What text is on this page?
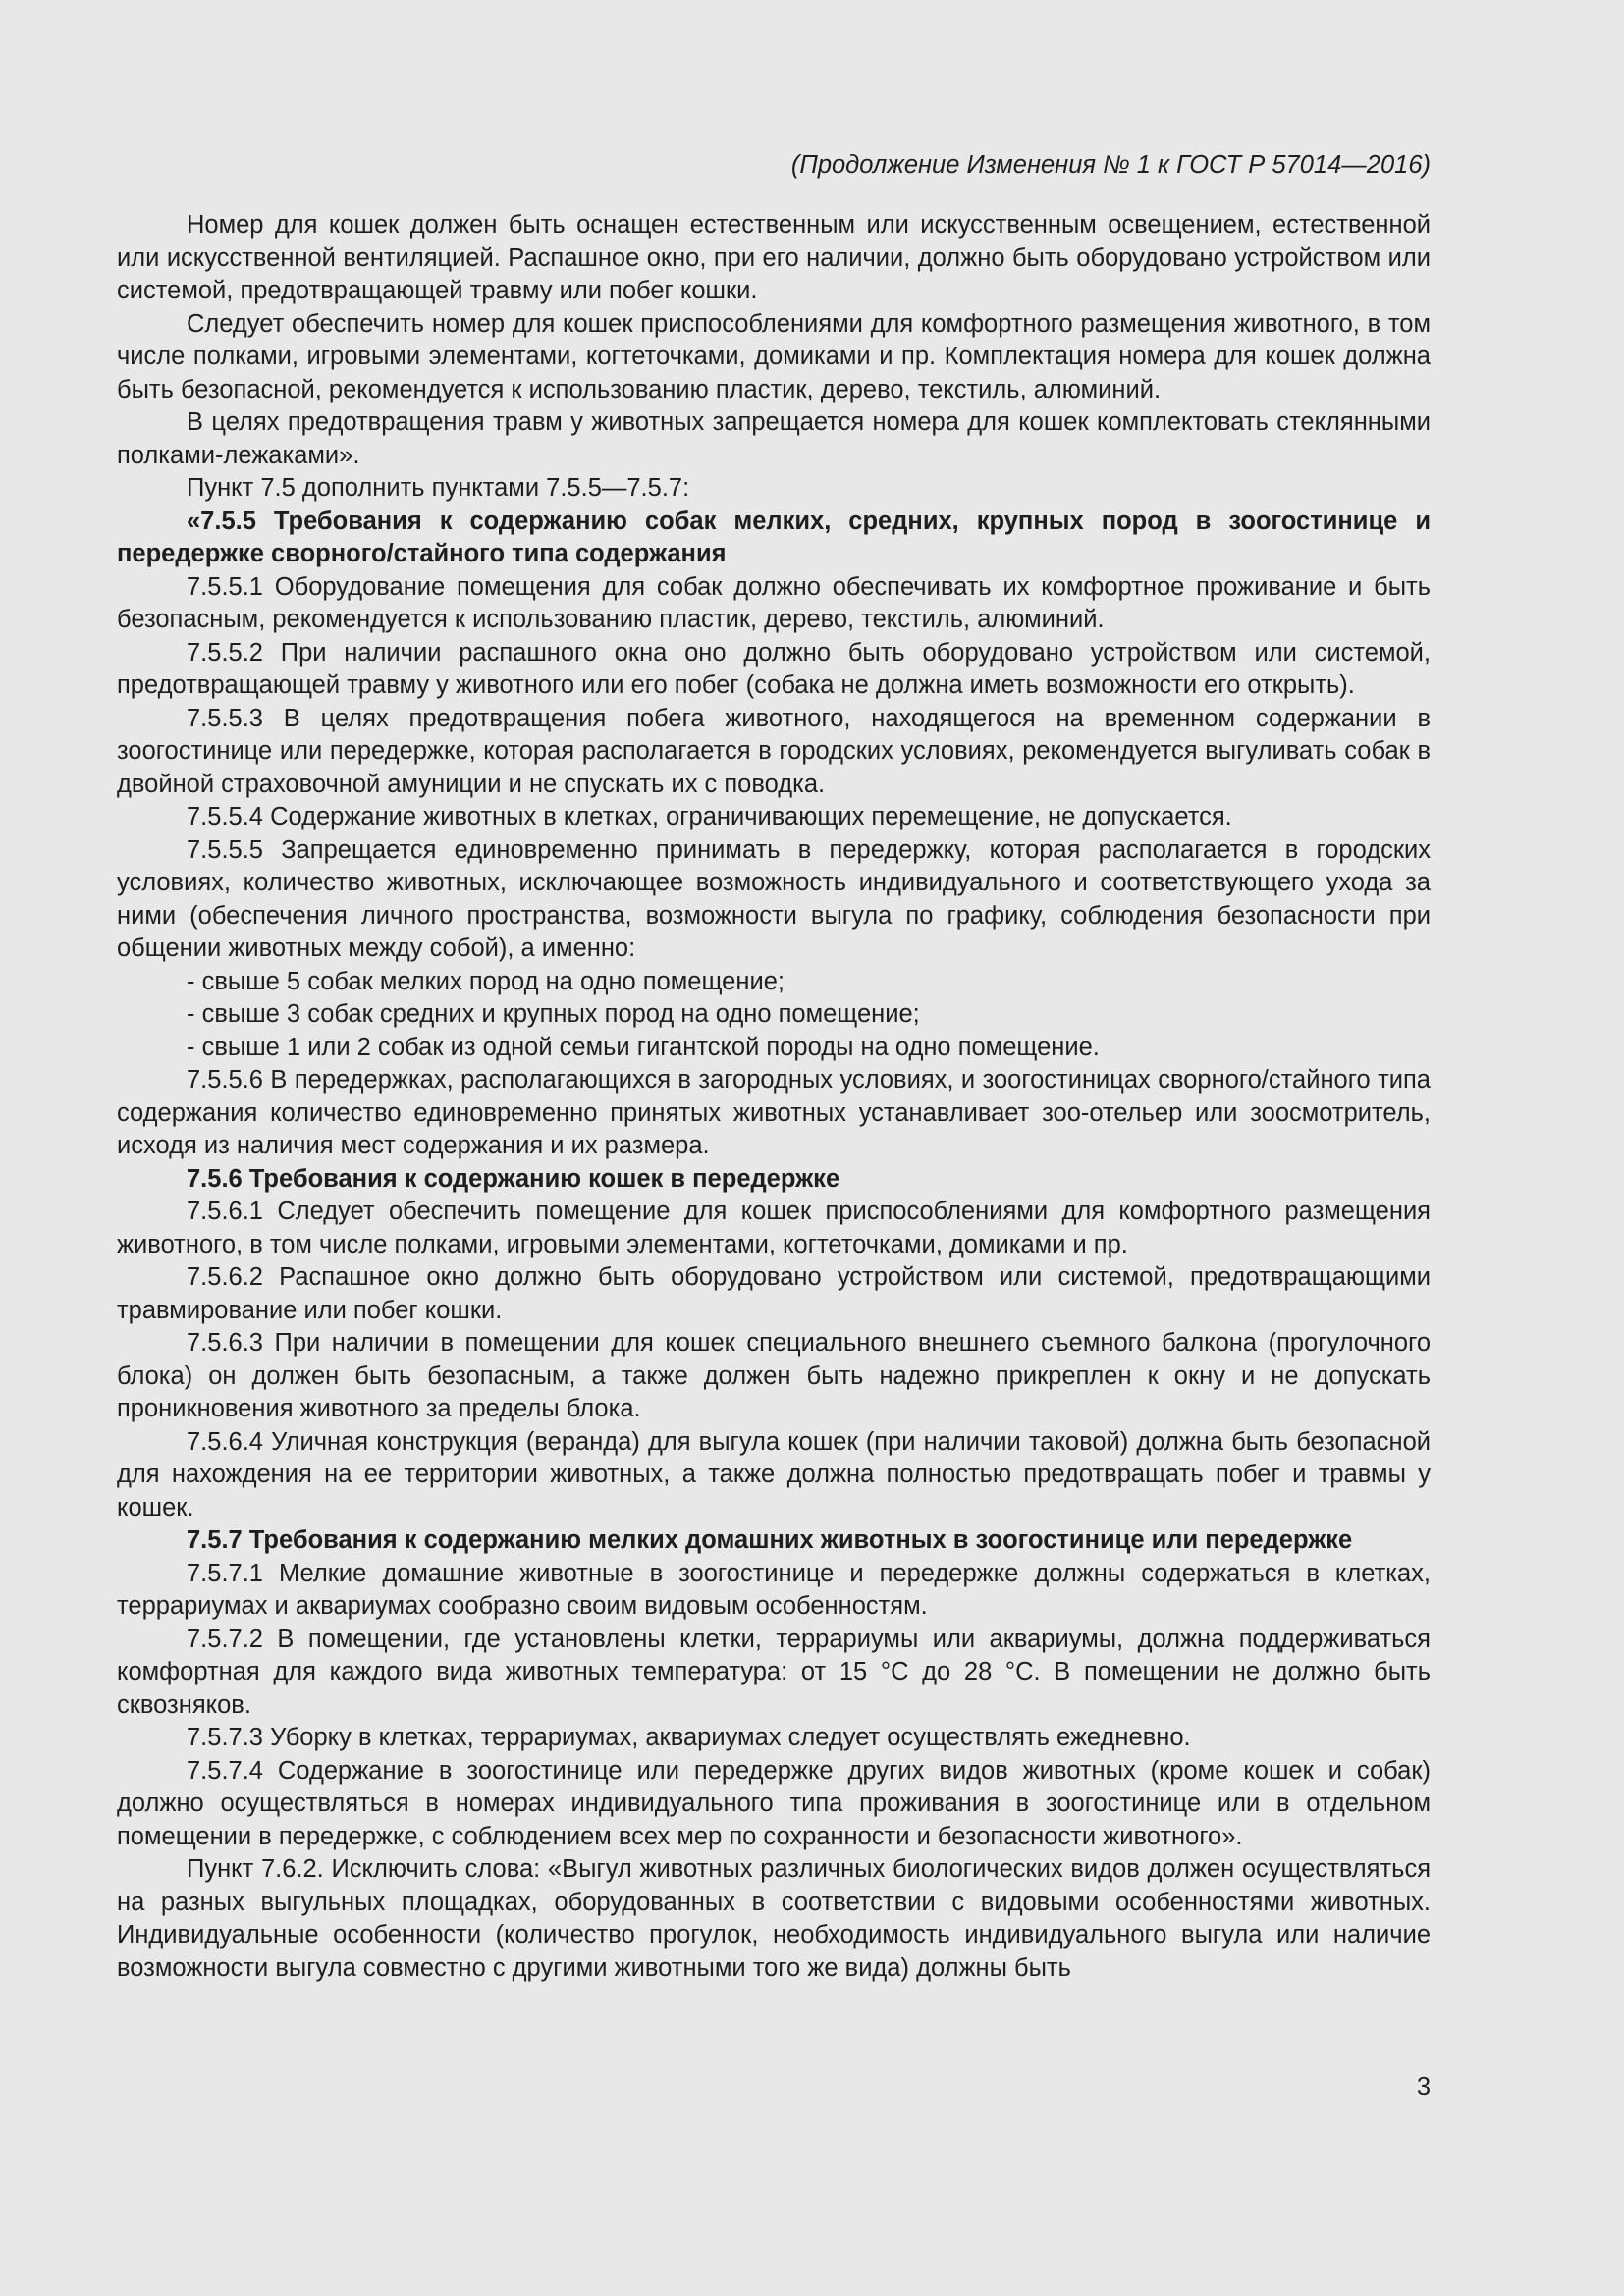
(Продолжение Изменения № 1 к ГОСТ Р 57014—2016)

Номер для кошек должен быть оснащен естественным или искусственным освещением, естественной или искусственной вентиляцией. Распашное окно, при его наличии, должно быть оборудовано устройством или системой, предотвращающей травму или побег кошки.

Следует обеспечить номер для кошек приспособлениями для комфортного размещения животного, в том числе полками, игровыми элементами, когтеточками, домиками и пр. Комплектация номера для кошек должна быть безопасной, рекомендуется к использованию пластик, дерево, текстиль, алюминий.

В целях предотвращения травм у животных запрещается номера для кошек комплектовать стеклянными полками-лежаками».

Пункт 7.5 дополнить пунктами 7.5.5—7.5.7:

«7.5.5 Требования к содержанию собак мелких, средних, крупных пород в зоогостинице и передержке сворного/стайного типа содержания

7.5.5.1 Оборудование помещения для собак должно обеспечивать их комфортное проживание и быть безопасным, рекомендуется к использованию пластик, дерево, текстиль, алюминий.

7.5.5.2 При наличии распашного окна оно должно быть оборудовано устройством или системой, предотвращающей травму у животного или его побег (собака не должна иметь возможности его открыть).

7.5.5.3 В целях предотвращения побега животного, находящегося на временном содержании в зоогостинице или передержке, которая располагается в городских условиях, рекомендуется выгуливать собак в двойной страховочной амуниции и не спускать их с поводка.

7.5.5.4 Содержание животных в клетках, ограничивающих перемещение, не допускается.

7.5.5.5 Запрещается единовременно принимать в передержку, которая располагается в городских условиях, количество животных, исключающее возможность индивидуального и соответствующего ухода за ними (обеспечения личного пространства, возможности выгула по графику, соблюдения безопасности при общении животных между собой), а именно:

- свыше 5 собак мелких пород на одно помещение;

- свыше 3 собак средних и крупных пород на одно помещение;

- свыше 1 или 2 собак из одной семьи гигантской породы на одно помещение.

7.5.5.6 В передержках, располагающихся в загородных условиях, и зоогостиницах сворного/стайного типа содержания количество единовременно принятых животных устанавливает зоо-отельер или зоосмотритель, исходя из наличия мест содержания и их размера.

7.5.6 Требования к содержанию кошек в передержке

7.5.6.1 Следует обеспечить помещение для кошек приспособлениями для комфортного размещения животного, в том числе полками, игровыми элементами, когтеточками, домиками и пр.

7.5.6.2 Распашное окно должно быть оборудовано устройством или системой, предотвращающими травмирование или побег кошки.

7.5.6.3 При наличии в помещении для кошек специального внешнего съемного балкона (прогулочного блока) он должен быть безопасным, а также должен быть надежно прикреплен к окну и не допускать проникновения животного за пределы блока.

7.5.6.4 Уличная конструкция (веранда) для выгула кошек (при наличии таковой) должна быть безопасной для нахождения на ее территории животных, а также должна полностью предотвращать побег и травмы у кошек.

7.5.7 Требования к содержанию мелких домашних животных в зоогостинице или передержке

7.5.7.1 Мелкие домашние животные в зоогостинице и передержке должны содержаться в клетках, террариумах и аквариумах сообразно своим видовым особенностям.

7.5.7.2 В помещении, где установлены клетки, террариумы или аквариумы, должна поддерживаться комфортная для каждого вида животных температура: от 15 °С до 28 °С. В помещении не должно быть сквозняков.

7.5.7.3 Уборку в клетках, террариумах, аквариумах следует осуществлять ежедневно.

7.5.7.4 Содержание в зоогостинице или передержке других видов животных (кроме кошек и собак) должно осуществляться в номерах индивидуального типа проживания в зоогостинице или в отдельном помещении в передержке, с соблюдением всех мер по сохранности и безопасности животного».

Пункт 7.6.2. Исключить слова: «Выгул животных различных биологических видов должен осуществляться на разных выгульных площадках, оборудованных в соответствии с видовыми особенностями животных. Индивидуальные особенности (количество прогулок, необходимость индивидуального выгула или наличие возможности выгула совместно с другими животными того же вида) должны быть

3
